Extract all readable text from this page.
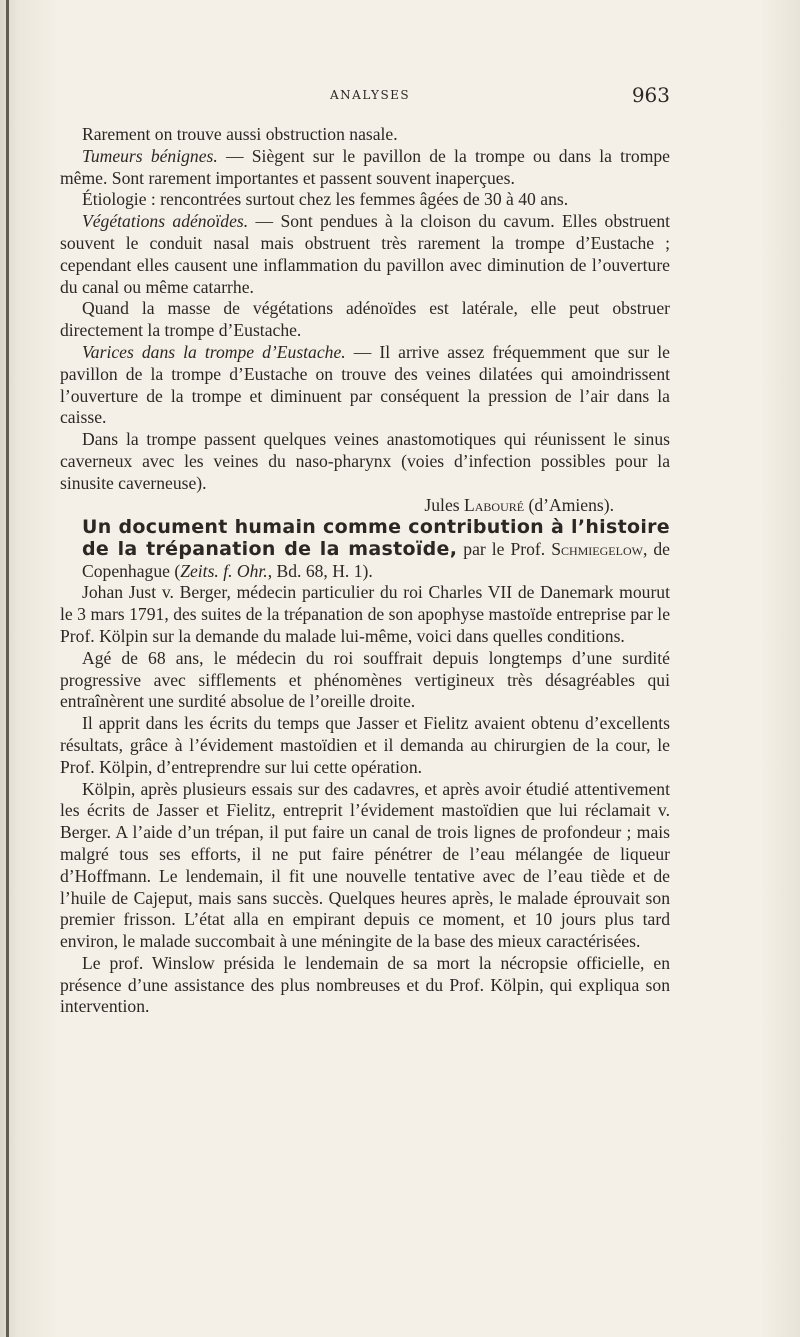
ANALYSES	963

Rarement on trouve aussi obstruction nasale.

Tumeurs bénignes. — Siègent sur le pavillon de la trompe ou dans la trompe même. Sont rarement importantes et passent souvent inaperçues.

Étiologie : rencontrées surtout chez les femmes âgées de 30 à 40 ans.

Végétations adénoïdes. — Sont pendues à la cloison du cavum. Elles obstruent souvent le conduit nasal mais obstruent très rarement la trompe d’Eustache ; cependant elles causent une inflammation du pavillon avec diminution de l’ouverture du canal ou même catarrhe.

Quand la masse de végétations adénoïdes est latérale, elle peut obstruer directement la trompe d’Eustache.

Varices dans la trompe d’Eustache. — Il arrive assez fréquemment que sur le pavillon de la trompe d’Eustache on trouve des veines dilatées qui amoindrissent l’ouverture de la trompe et diminuent par conséquent la pression de l’air dans la caisse.

Dans la trompe passent quelques veines anastomotiques qui réunissent le sinus caverneux avec les veines du naso-pharynx (voies d’infection possibles pour la sinusite caverneuse).

Jules Labouré (d’Amiens).

Un document humain comme contribution à l’histoire de la trépanation de la mastoïde, par le Prof. Schmiegelow, de Copenhague (Zeits. f. Ohr., Bd. 68, H. 1).

Johan Just v. Berger, médecin particulier du roi Charles VII de Danemark mourut le 3 mars 1791, des suites de la trépanation de son apophyse mastoïde entreprise par le Prof. Kölpin sur la demande du malade lui-même, voici dans quelles conditions.

Agé de 68 ans, le médecin du roi souffrait depuis longtemps d’une surdité progressive avec sifflements et phénomènes vertigineux très désagréables qui entraînèrent une surdité absolue de l’oreille droite.

Il apprit dans les écrits du temps que Jasser et Fielitz avaient obtenu d’excellents résultats, grâce à l’évidement mastoïdien et il demanda au chirurgien de la cour, le Prof. Kölpin, d’entreprendre sur lui cette opération.

Kölpin, après plusieurs essais sur des cadavres, et après avoir étudié attentivement les écrits de Jasser et Fielitz, entreprit l’évidement mastoïdien que lui réclamait v. Berger. A l’aide d’un trépan, il put faire un canal de trois lignes de profondeur ; mais malgré tous ses efforts, il ne put faire pénétrer de l’eau mélangée de liqueur d’Hoffmann. Le lendemain, il fit une nouvelle tentative avec de l’eau tiède et de l’huile de Cajeput, mais sans succès. Quelques heures après, le malade éprouvait son premier frisson. L’état alla en empirant depuis ce moment, et 10 jours plus tard environ, le malade succombait à une méningite de la base des mieux caractérisées.

Le prof. Winslow présida le lendemain de sa mort la nécropsie officielle, en présence d’une assistance des plus nombreuses et du Prof. Kölpin, qui expliqua son intervention.
